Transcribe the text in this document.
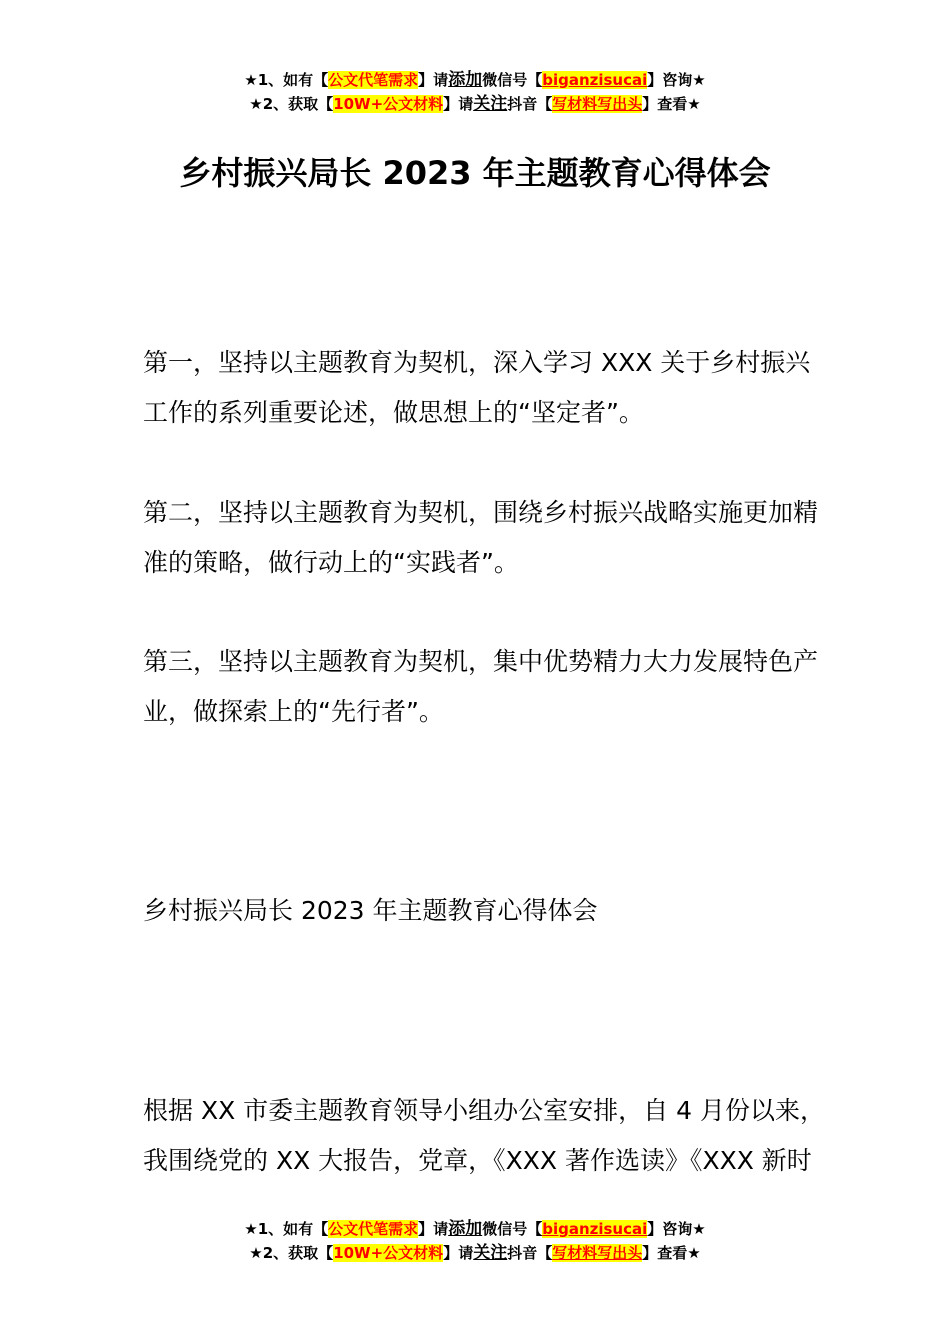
★1、如有【公文代笔需求】请添加微信号【biganzisucai】咨询★
★2、获取【10W+公文材料】请关注抖音【写材料写出头】查看★
乡村振兴局长 2023 年主题教育心得体会

第一，坚持以主题教育为契机，深入学习 XXX 关于乡村振兴工作的系列重要论述，做思想上的“坚定者”。

第二，坚持以主题教育为契机，围绕乡村振兴战略实施更加精准的策略，做行动上的“实践者”。

第三，坚持以主题教育为契机，集中优势精力大力发展特色产业，做探索上的“先行者”。

乡村振兴局长 2023 年主题教育心得体会

根据 XX 市委主题教育领导小组办公室安排，自 4 月份以来，我围绕党的 XX 大报告，党章，《XXX 著作选读》《XXX 新时

★1、如有【公文代笔需求】请添加微信号【biganzisucai】咨询★
★2、获取【10W+公文材料】请关注抖音【写材料写出头】查看★
